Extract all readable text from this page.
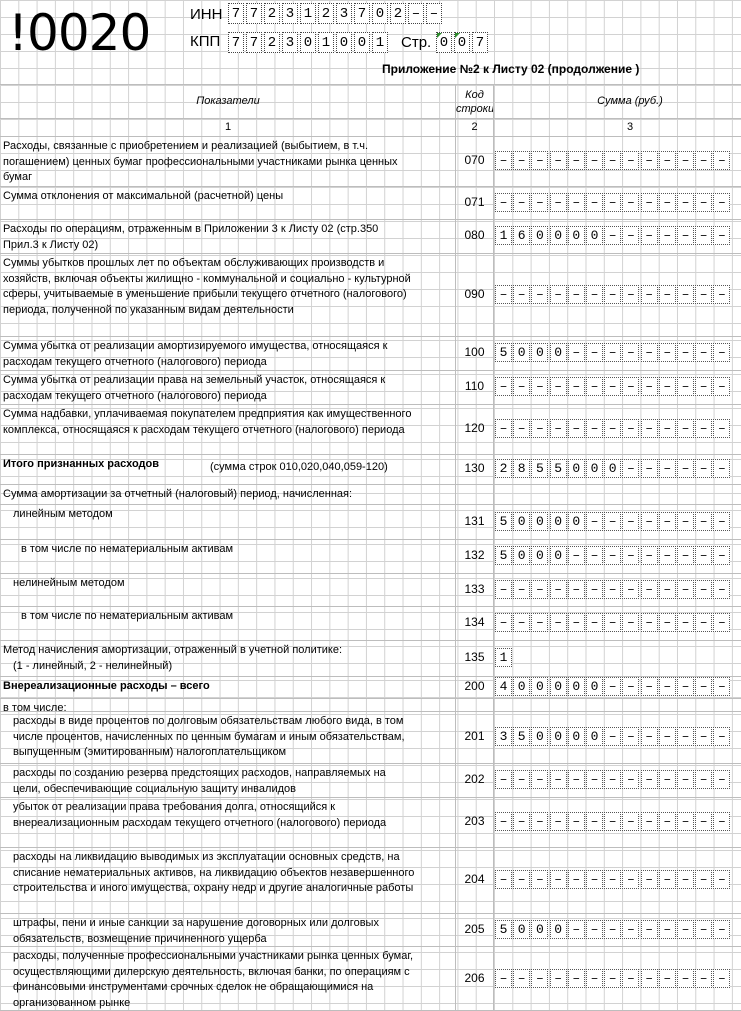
!0020	ИНН 7 7 2 3 1 2 3 7 0 2 – –
КПП 7 7 2 3 0 1 0 0 1 Стр. 0 0 7
Приложение №2 к Листу 02 (продолжение )
Показатели	Код строки
Сумма (руб.)
1	2	3
Расходы, связанные с приобретением и реализацией (выбытием, в т.ч. погашением) ценных бумаг профессиональными участниками рынка ценных бумаг
070	– – – – – – – – – – – – –
Сумма отклонения от максимальной (расчетной) цены	071	– – – – – – – – – – – – –
Расходы по операциям, отраженным в Приложении 3 к Листу 02 (стр.350 Прил.3 к Листу 02)
080	1 6 0 0 0 0 – – – – – – –
Суммы убытков прошлых лет по объектам обслуживающих производств и хозяйств, включая объекты жилищно - коммунальной и социально - культурной сферы, учитываемые в уменьшение прибыли текущего отчетного (налогового) периода, полученной по указанным видам деятельности
090	– – – – – – – – – – – – –
Сумма убытка от реализации амортизируемого имущества, относящаяся к расходам текущего отчетного (налогового) периода
100	5 0 0 0 – – – – – – – – –
Сумма убытка от реализации права на земельный участок, относящаяся к расходам текущего отчетного (налогового) периода
110	– – – – – – – – – – – – –
Сумма надбавки, уплачиваемая покупателем предприятия как имущественного комплекса, относящаяся к расходам текущего отчетного (налогового) периода	120	– – – – – – – – – – – – –
Итого признанных расходов	(сумма строк 010,020,040,059-120)	130	2 8 5 5 0 0 0 – – – – – –
Сумма амортизации за отчетный (налоговый) период, начисленная:
линейным методом	131	5 0 0 0 0 – – – – – – – –
в том числе по нематериальным активам	132	5 0 0 0 – – – – – – – – –
нелинейным методом	133	– – – – – – – – – – – – –
в том числе по нематериальным активам	134	– – – – – – – – – – – – –
Метод начисления амортизации, отраженный в учетной политике:
(1 - линейный, 2 - нелинейный)
135	1
Внереализационные расходы – всего	200	4 0 0 0 0 0 – – – – – – –
в том числе:
расходы в виде процентов по долговым обязательствам любого вида, в том числе процентов, начисленных по ценным бумагам и иным обязательствам, выпущенным (эмитированным) налогоплательщиком
201	3 5 0 0 0 0 – – – – – – –
расходы по созданию резерва предстоящих расходов, направляемых на цели, обеспечивающие социальную защиту инвалидов
202	– – – – – – – – – – – – –
убыток от реализации права требования долга, относящийся к внереализационным расходам текущего отчетного (налогового) периода	203	– – – – – – – – – – – – –
расходы на ликвидацию выводимых из эксплуатации основных средств, на списание нематериальных активов, на ликвидацию объектов незавершенного строительства и иного имущества, охрану недр и другие аналогичные работы
204	– – – – – – – – – – – – –
штрафы, пени и иные санкции за нарушение договорных или долговых обязательств, возмещение причиненного ущерба
205	5 0 0 0 – – – – – – – – –
расходы, полученные профессиональными участниками рынка ценных бумаг, осуществляющими дилерскую деятельность, включая банки, по операциям с финансовыми инструментами срочных сделок не обращающимися на организованном рынке
206	– – – – – – – – – – – – –
